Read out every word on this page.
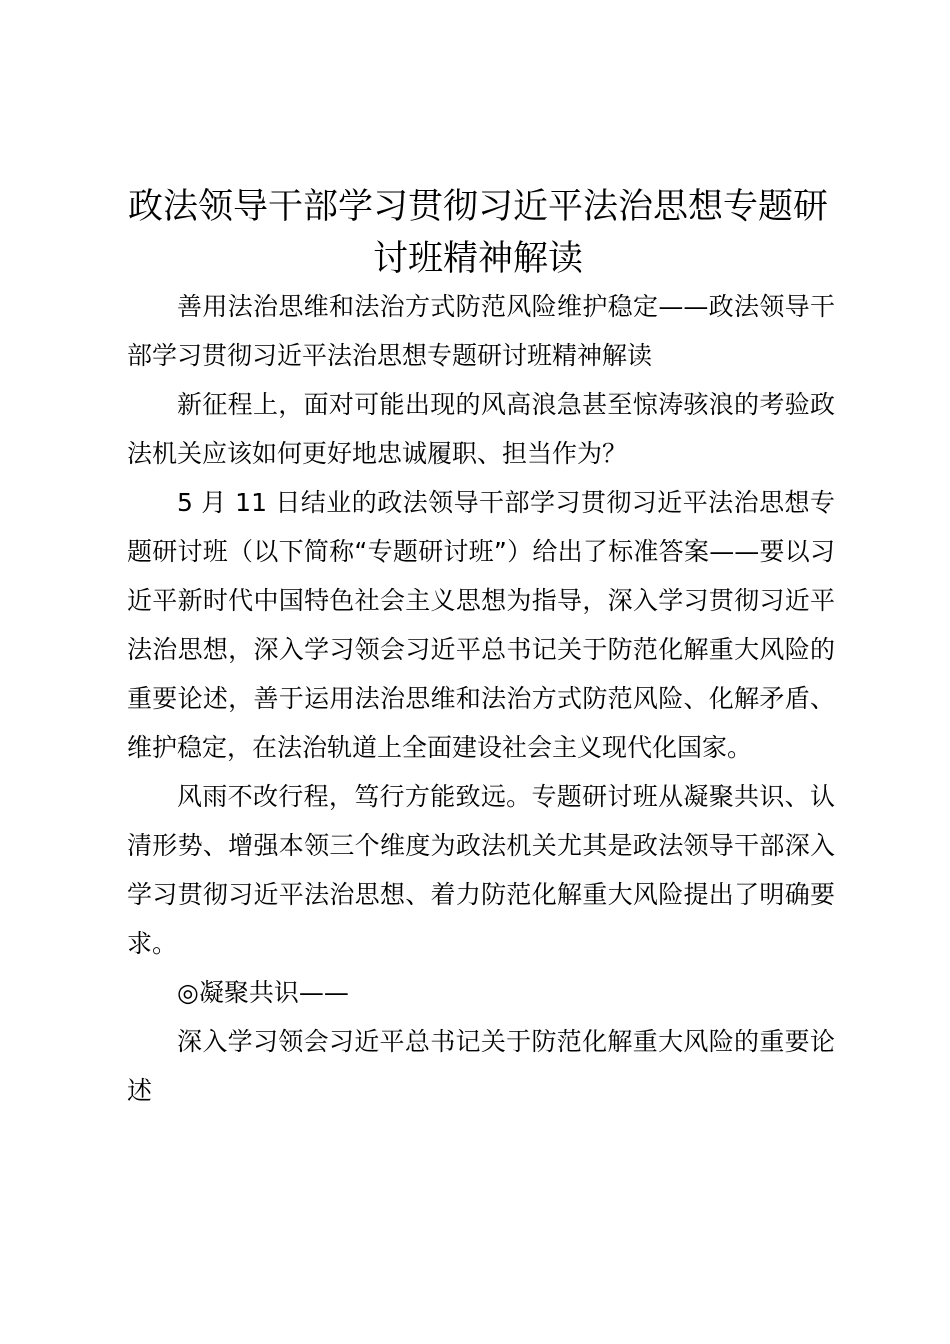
政法领导干部学习贯彻习近平法治思想专题研讨班精神解读

善用法治思维和法治方式防范风险维护稳定——政法领导干部学习贯彻习近平法治思想专题研讨班精神解读

新征程上，面对可能出现的风高浪急甚至惊涛骇浪的考验政法机关应该如何更好地忠诚履职、担当作为？

5 月 11 日结业的政法领导干部学习贯彻习近平法治思想专题研讨班（以下简称“专题研讨班”）给出了标准答案——要以习近平新时代中国特色社会主义思想为指导，深入学习贯彻习近平法治思想，深入学习领会习近平总书记关于防范化解重大风险的重要论述，善于运用法治思维和法治方式防范风险、化解矛盾、维护稳定，在法治轨道上全面建设社会主义现代化国家。

风雨不改行程，笃行方能致远。专题研讨班从凝聚共识、认清形势、增强本领三个维度为政法机关尤其是政法领导干部深入学习贯彻习近平法治思想、着力防范化解重大风险提出了明确要求。

◎凝聚共识——

深入学习领会习近平总书记关于防范化解重大风险的重要论述
